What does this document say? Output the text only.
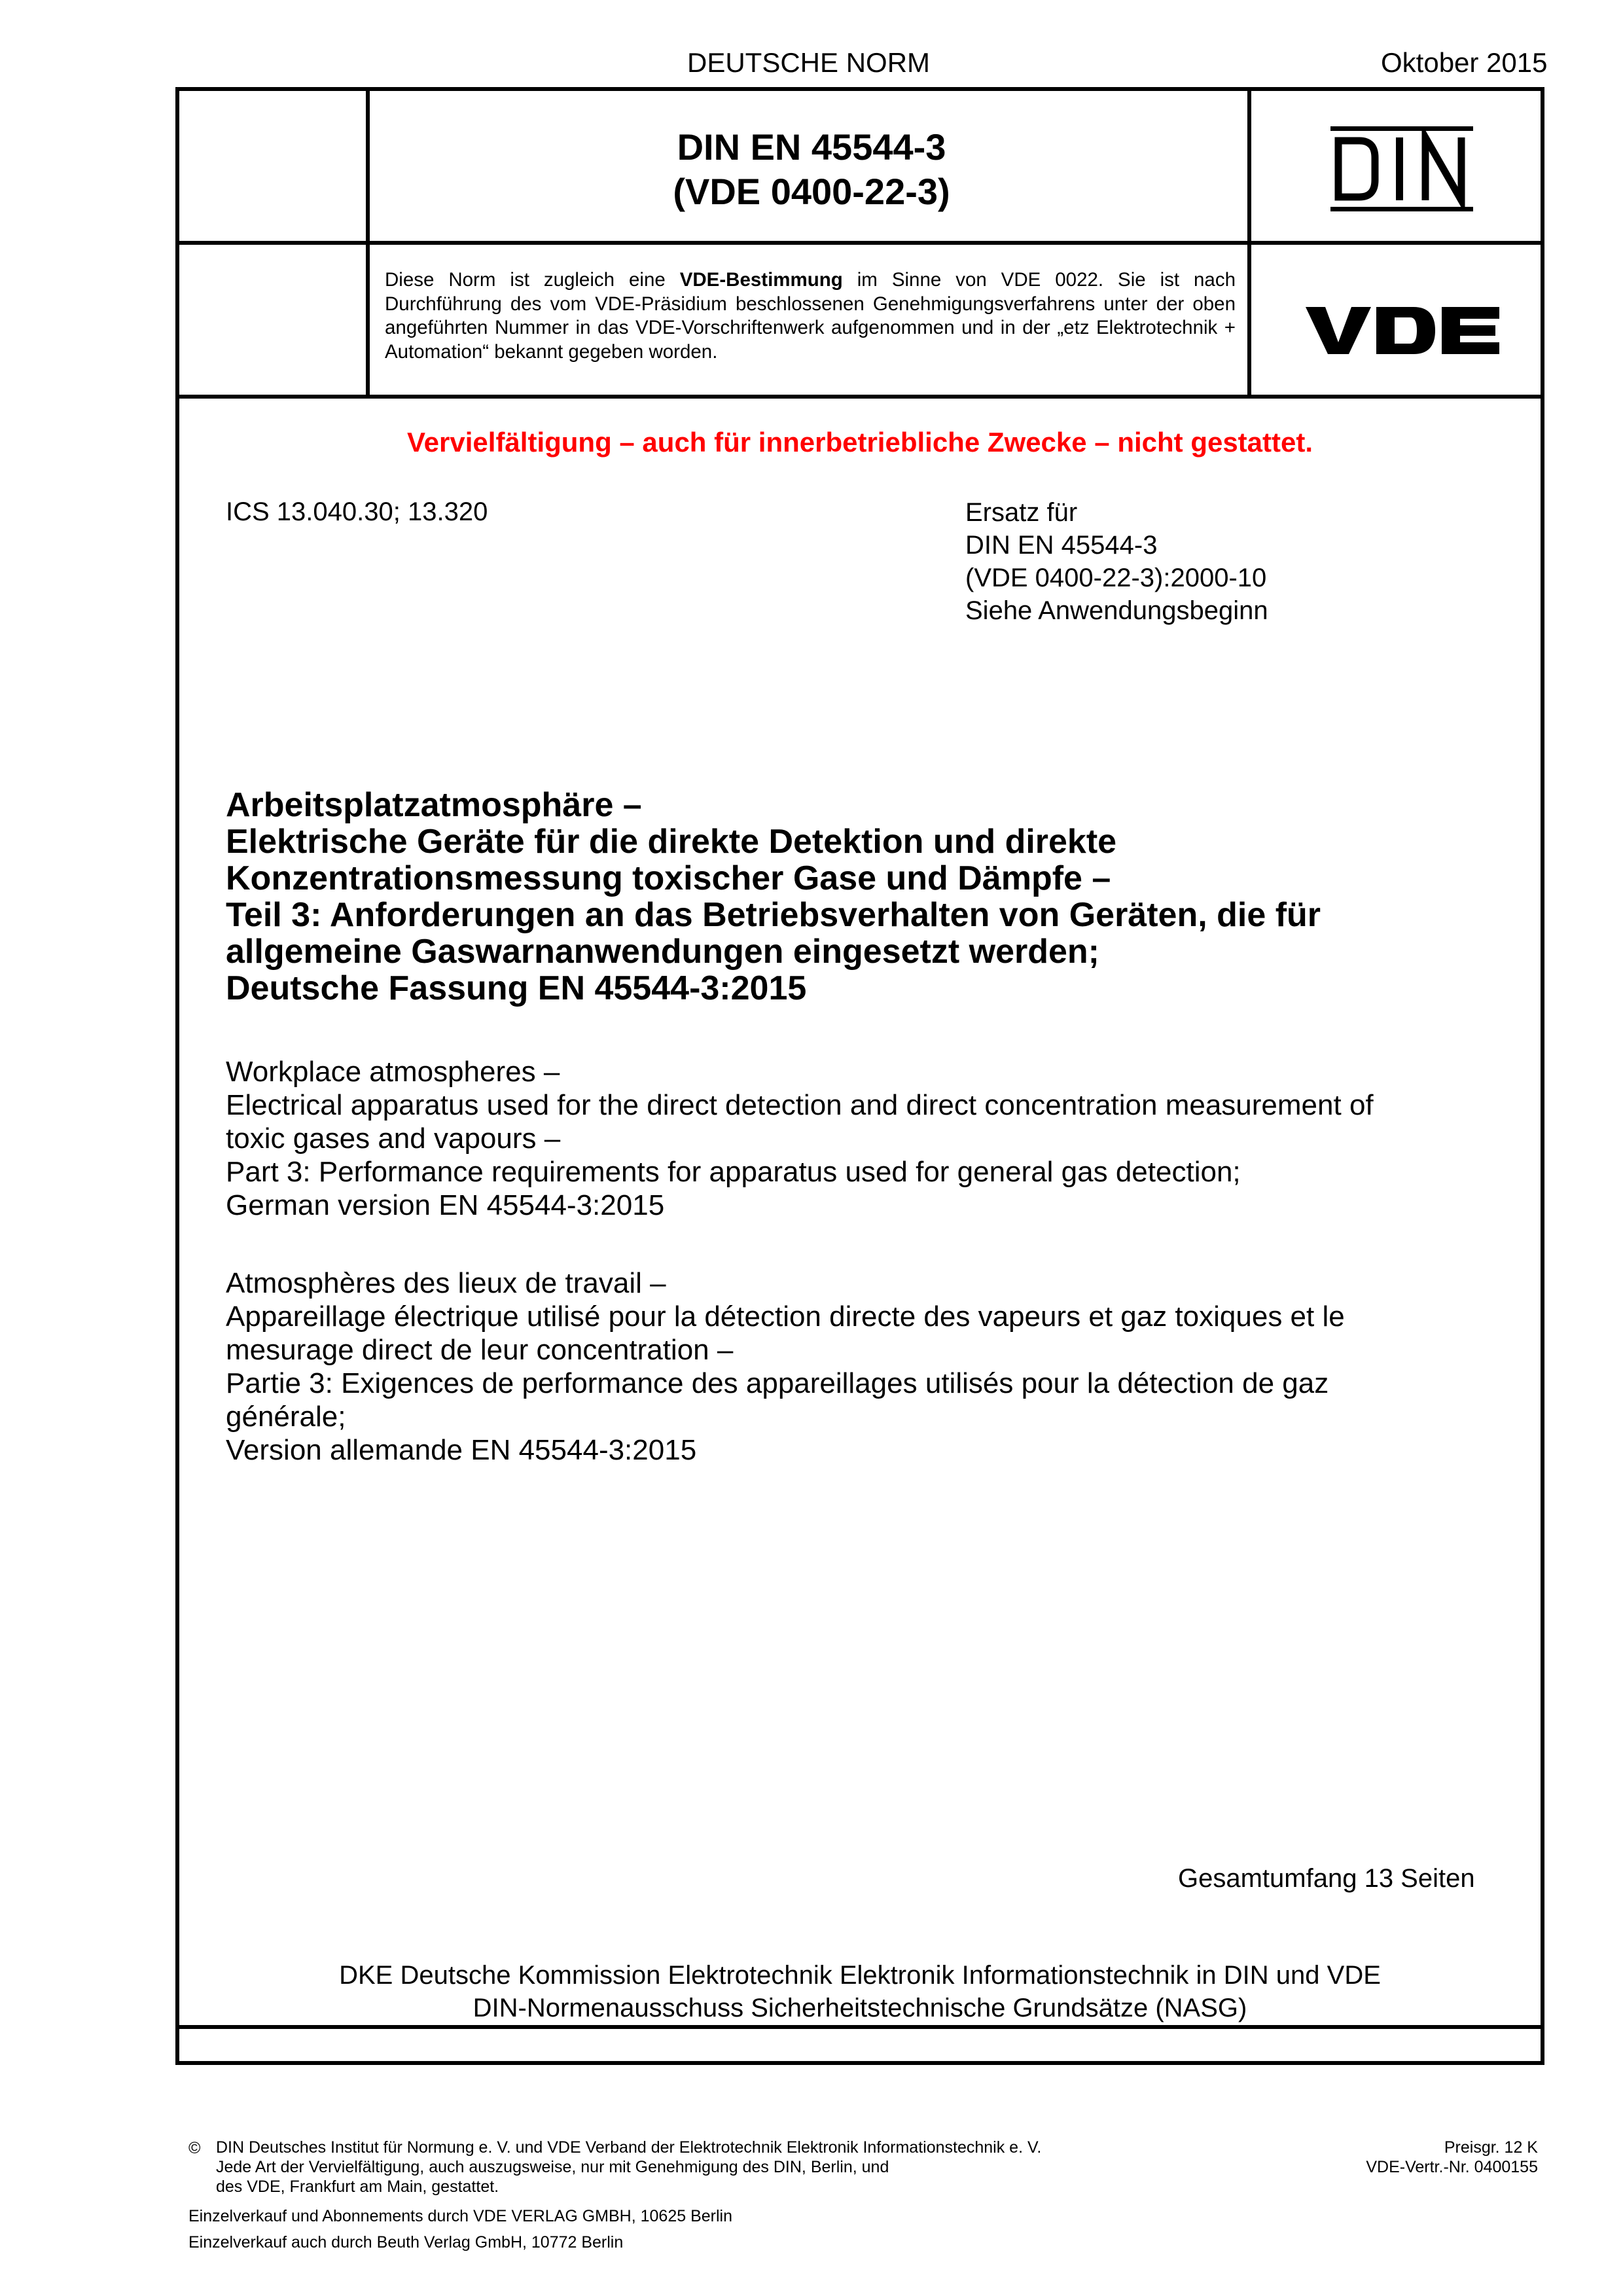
DEUTSCHE NORM	Oktober 2015
DIN EN 45544-3
(VDE 0400-22-3)
Diese Norm ist zugleich eine VDE-Bestimmung im Sinne von VDE 0022. Sie ist nach Durchführung des vom VDE-Präsidium beschlossenen Genehmigungsverfahrens unter der oben angeführten Nummer in das VDE-Vorschriftenwerk aufgenommen und in der „etz Elektrotechnik + Automation“ bekannt gegeben worden.
Vervielfältigung – auch für innerbetriebliche Zwecke – nicht gestattet.
ICS 13.040.30; 13.320	Ersatz für
DIN EN 45544-3
(VDE 0400-22-3):2000-10
Siehe Anwendungsbeginn
Arbeitsplatzatmosphäre –
Elektrische Geräte für die direkte Detektion und direkte
Konzentrationsmessung toxischer Gase und Dämpfe –
Teil 3: Anforderungen an das Betriebsverhalten von Geräten, die für
allgemeine Gaswarnanwendungen eingesetzt werden;
Deutsche Fassung EN 45544-3:2015
Workplace atmospheres –
Electrical apparatus used for the direct detection and direct concentration measurement of
toxic gases and vapours –
Part 3: Performance requirements for apparatus used for general gas detection;
German version EN 45544-3:2015
Atmosphères des lieux de travail –
Appareillage électrique utilisé pour la détection directe des vapeurs et gaz toxiques et le
mesurage direct de leur concentration –
Partie 3: Exigences de performance des appareillages utilisés pour la détection de gaz
générale;
Version allemande EN 45544-3:2015
Gesamtumfang 13 Seiten
DKE Deutsche Kommission Elektrotechnik Elektronik Informationstechnik in DIN und VDE
DIN-Normenausschuss Sicherheitstechnische Grundsätze (NASG)
© DIN Deutsches Institut für Normung e. V. und VDE Verband der Elektrotechnik Elektronik Informationstechnik e. V.
Jede Art der Vervielfältigung, auch auszugsweise, nur mit Genehmigung des DIN, Berlin, und
des VDE, Frankfurt am Main, gestattet.
Preisgr. 12 K
VDE-Vertr.-Nr. 0400155
Einzelverkauf und Abonnements durch VDE VERLAG GMBH, 10625 Berlin
Einzelverkauf auch durch Beuth Verlag GmbH, 10772 Berlin
